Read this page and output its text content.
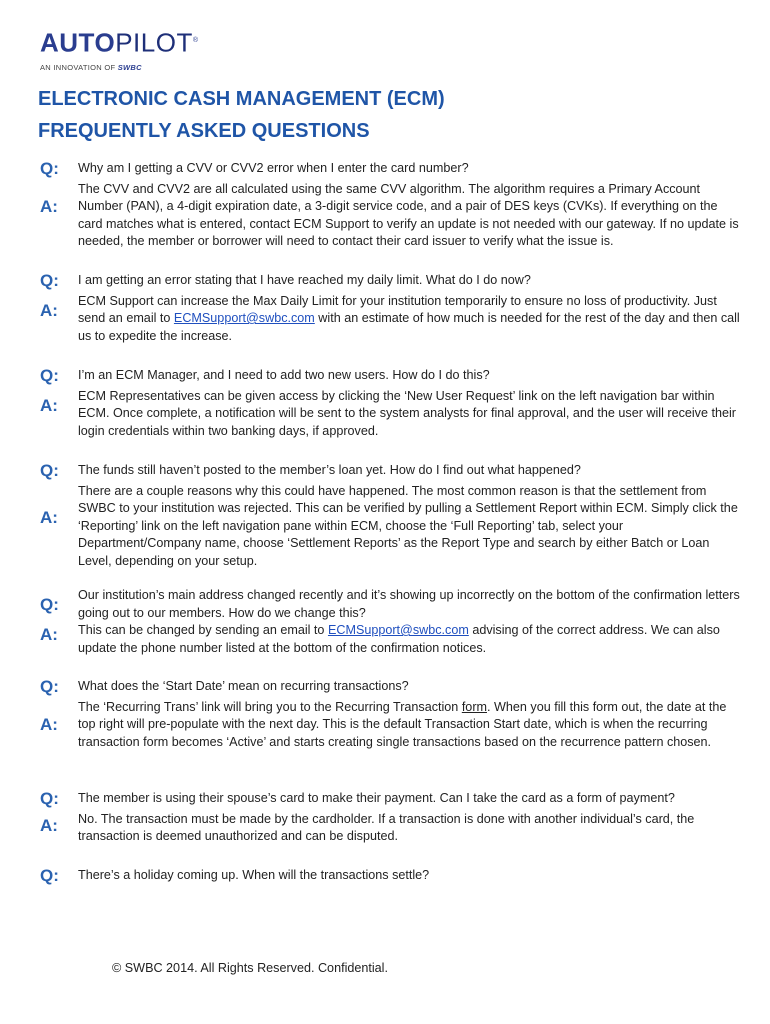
AUTOPILOT®
AN INNOVATION OF SWBC
ELECTRONIC CASH MANAGEMENT (ECM)
FREQUENTLY ASKED QUESTIONS
Q:	Why am I getting a CVV or CVV2 error when I enter the card number?
A:
The CVV and CVV2 are all calculated using the same CVV algorithm. The algorithm requires a Primary Account Number (PAN), a 4-digit expiration date, a 3-digit service code, and a pair of DES keys (CVKs). If everything on the card matches what is entered, contact ECM Support to verify an update is not needed with our gateway. If no update is needed, the member or borrower will need to contact their card issuer to verify what the issue is.
Q:	I am getting an error stating that I have reached my daily limit. What do I do now?
A:	ECM Support can increase the Max Daily Limit for your institution temporarily to ensure no loss of productivity. Just send an email to ECMSupport@swbc.com with an estimate of how much is needed for the rest of the day and then call us to expedite the increase.
Q:	I’m an ECM Manager, and I need to add two new users. How do I do this?
A:	ECM Representatives can be given access by clicking the ‘New User Request’ link on the left navigation bar within ECM. Once complete, a notification will be sent to the system analysts for final approval, and the user will receive their login credentials within two banking days, if approved.
Q:	The funds still haven’t posted to the member’s loan yet. How do I find out what happened?
A:
There are a couple reasons why this could have happened. The most common reason is that the settlement from SWBC to your institution was rejected. This can be verified by pulling a Settlement Report within ECM. Simply click the ‘Reporting’ link on the left navigation pane within ECM, choose the ‘Full Reporting’ tab, select your Department/Company name, choose ‘Settlement Reports’ as the Report Type and search by either Batch or Loan Level, depending on your setup.
Q:	Our institution’s main address changed recently and it’s showing up incorrectly on the bottom of the confirmation letters going out to our members. How do we change this?
A:	This can be changed by sending an email to ECMSupport@swbc.com advising of the correct address. We can also update the phone number listed at the bottom of the confirmation notices.
Q:	What does the ‘Start Date’ mean on recurring transactions?
A:
The ‘Recurring Trans’ link will bring you to the Recurring Transaction form. When you fill this form out, the date at the top right will pre-populate with the next day. This is the default Transaction Start date, which is when the recurring transaction form becomes ‘Active’ and starts creating single transactions based on the recurrence pattern chosen.
Q:	The member is using their spouse’s card to make their payment. Can I take the card as a form of payment?
A:	No. The transaction must be made by the cardholder. If a transaction is done with another individual’s card, the transaction is deemed unauthorized and can be disputed.
Q:	There’s a holiday coming up. When will the transactions settle?
© SWBC 2014. All Rights Reserved. Confidential.
